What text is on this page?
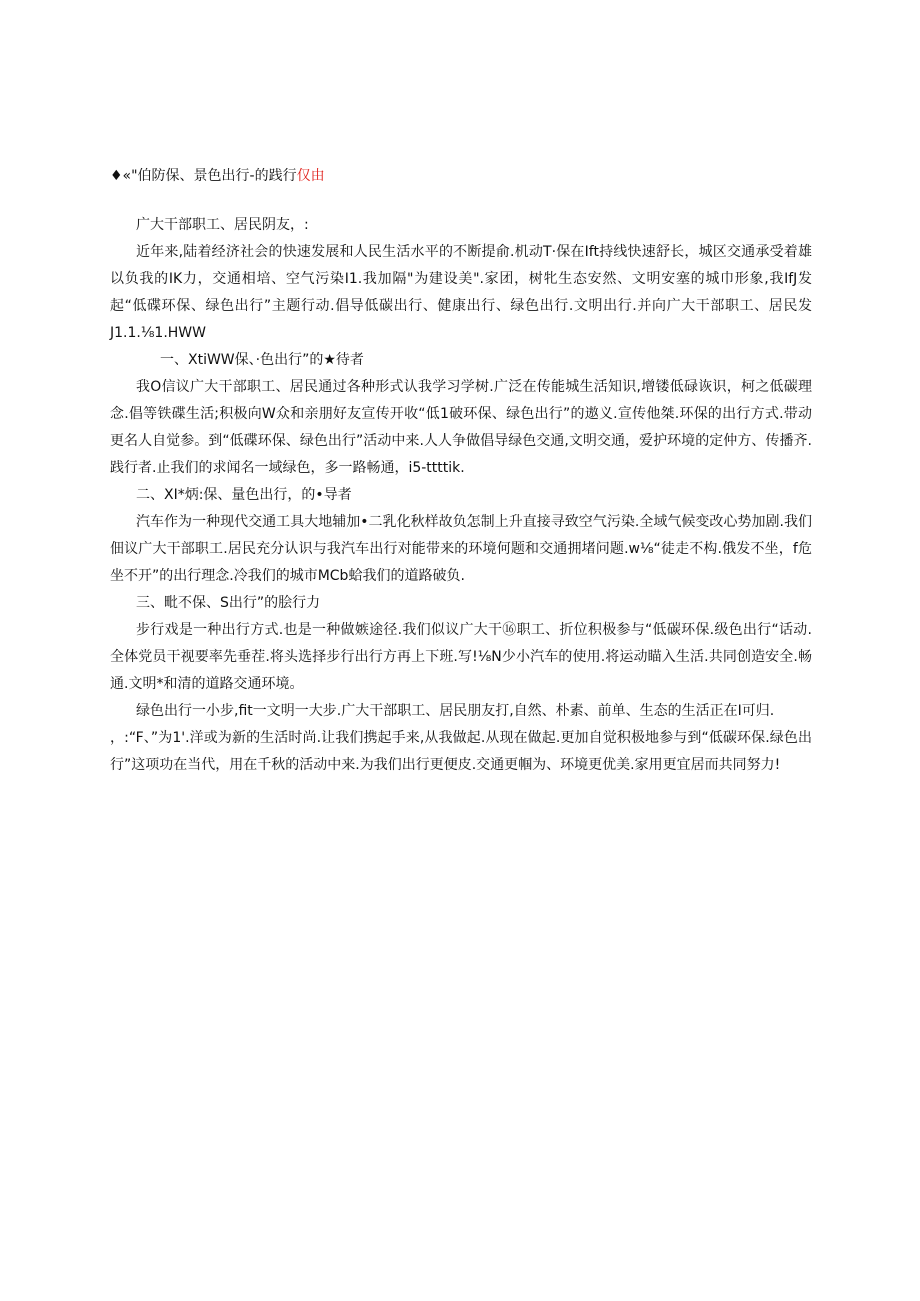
♦«"伯防保、景色出行-的践行仅由

广大干部职工、居民阴友，:

近年来,陆着经济社会的快速发展和人民生活水平的不断提俞.机动T·保在Ift持线快速舒长，城区交通承受着雄以负我的IK力，交通相培、空气污染I1.我加隔"为建设美".家团，树牝生态安然、文明安塞的城巾形象,我IfJ发起“低碟环保、绿色出行”主题行动.倡导低碳出行、健康出行、绿色出行.文明出行.并向广大干部职工、居民发J1.1.⅛1.HWW

一、XtiWW保、·色出行”的★待者

我O信议广大干部职工、居民通过各种形式认我学习学树.广泛在传能城生活知识,增镂低碌诙识，柯之低碳理念.倡等铁碟生活;积极向W众和亲朋好友宣传开收“低1破环保、绿色出行”的遨义.宣传他桀.环保的出行方式.带动更名人自觉参。到“低碟环保、绿色出行”活动中来.人人争做倡导绿色交通,文明交通，爱护环境的定仲方、传播齐.践行者.止我们的求闻名一域绿色，多一路畅通，i5-ttttik.

二、XI*炳:保、量色出行，的•导者

汽车作为一种现代交通工具大地辅加•二乳化秋样故负怎制上升直接寻致空气污染.全域气候变改心势加剧.我们佃议广大干部职工.居民充分认识与我汽车出行对能带来的环境何题和交通拥堵问题.w⅛“徒走不构.俄发不坐，f危坐不开”的出行理念.冷我们的城市MCb蛤我们的道路破负.

三、毗不保、S出行”的脍行力

步行戏是一种出行方式.也是一种做嫉途径.我们似议广大干⑯职工、折位积极参与“低碳环保.级色出行“话动.全体党员干视要率先垂茬.将头选择步行出行方再上下班.写!⅛N少小汽车的使用.将运动瞄入生活.共同创造安全.畅通.文明*和清的道路交通环境。

绿色出行一小步,fit一文明一大步.广大干部职工、居民朋友打,自然、朴素、前单、生态的生活正在I可归.

，:“F、”为1'.洋或为新的生活时尚.让我们携起手来,从我做起.从现在做起.更加自觉积极地参与到“低碳环保.绿色出行”这项功在当代，用在千秋的活动中来.为我们出行更便皮.交通更帼为、环境更优美.家用更宜居而共同努力!
